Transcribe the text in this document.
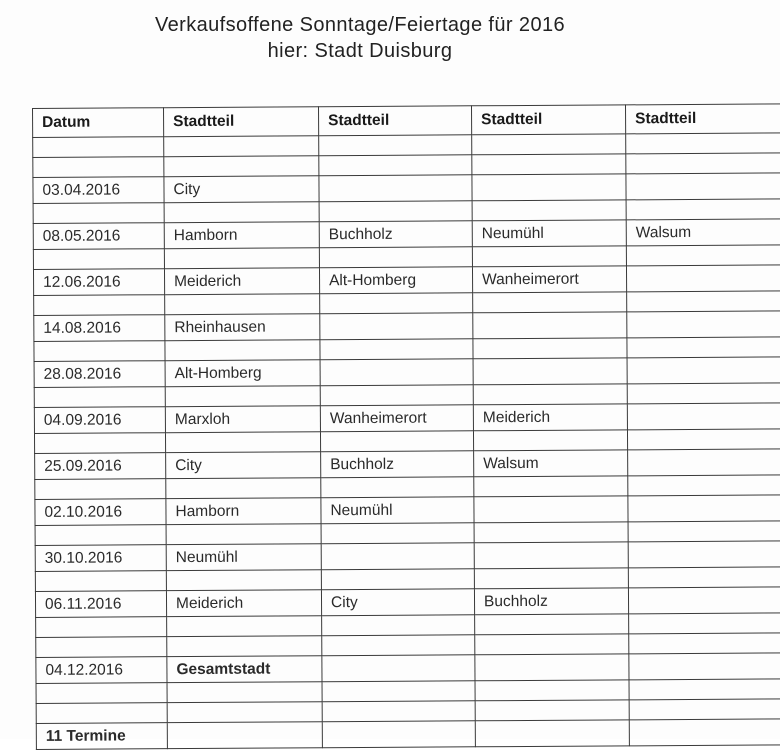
Verkaufsoffene Sonntage/Feiertage für 2016
hier: Stadt Duisburg
Datum	Stadtteil	Stadtteil	Stadtteil	Stadtteil

03.04.2016	City			

08.05.2016	Hamborn	Buchholz	Neumühl	Walsum

12.06.2016	Meiderich	Alt-Homberg	Wanheimerort	

14.08.2016	Rheinhausen			

28.08.2016	Alt-Homberg			

04.09.2016	Marxloh	Wanheimerort	Meiderich	

25.09.2016	City	Buchholz	Walsum	

02.10.2016	Hamborn	Neumühl		

30.10.2016	Neumühl			

06.11.2016	Meiderich	City	Buchholz	

04.12.2016	Gesamtstadt			

11 Termine				
